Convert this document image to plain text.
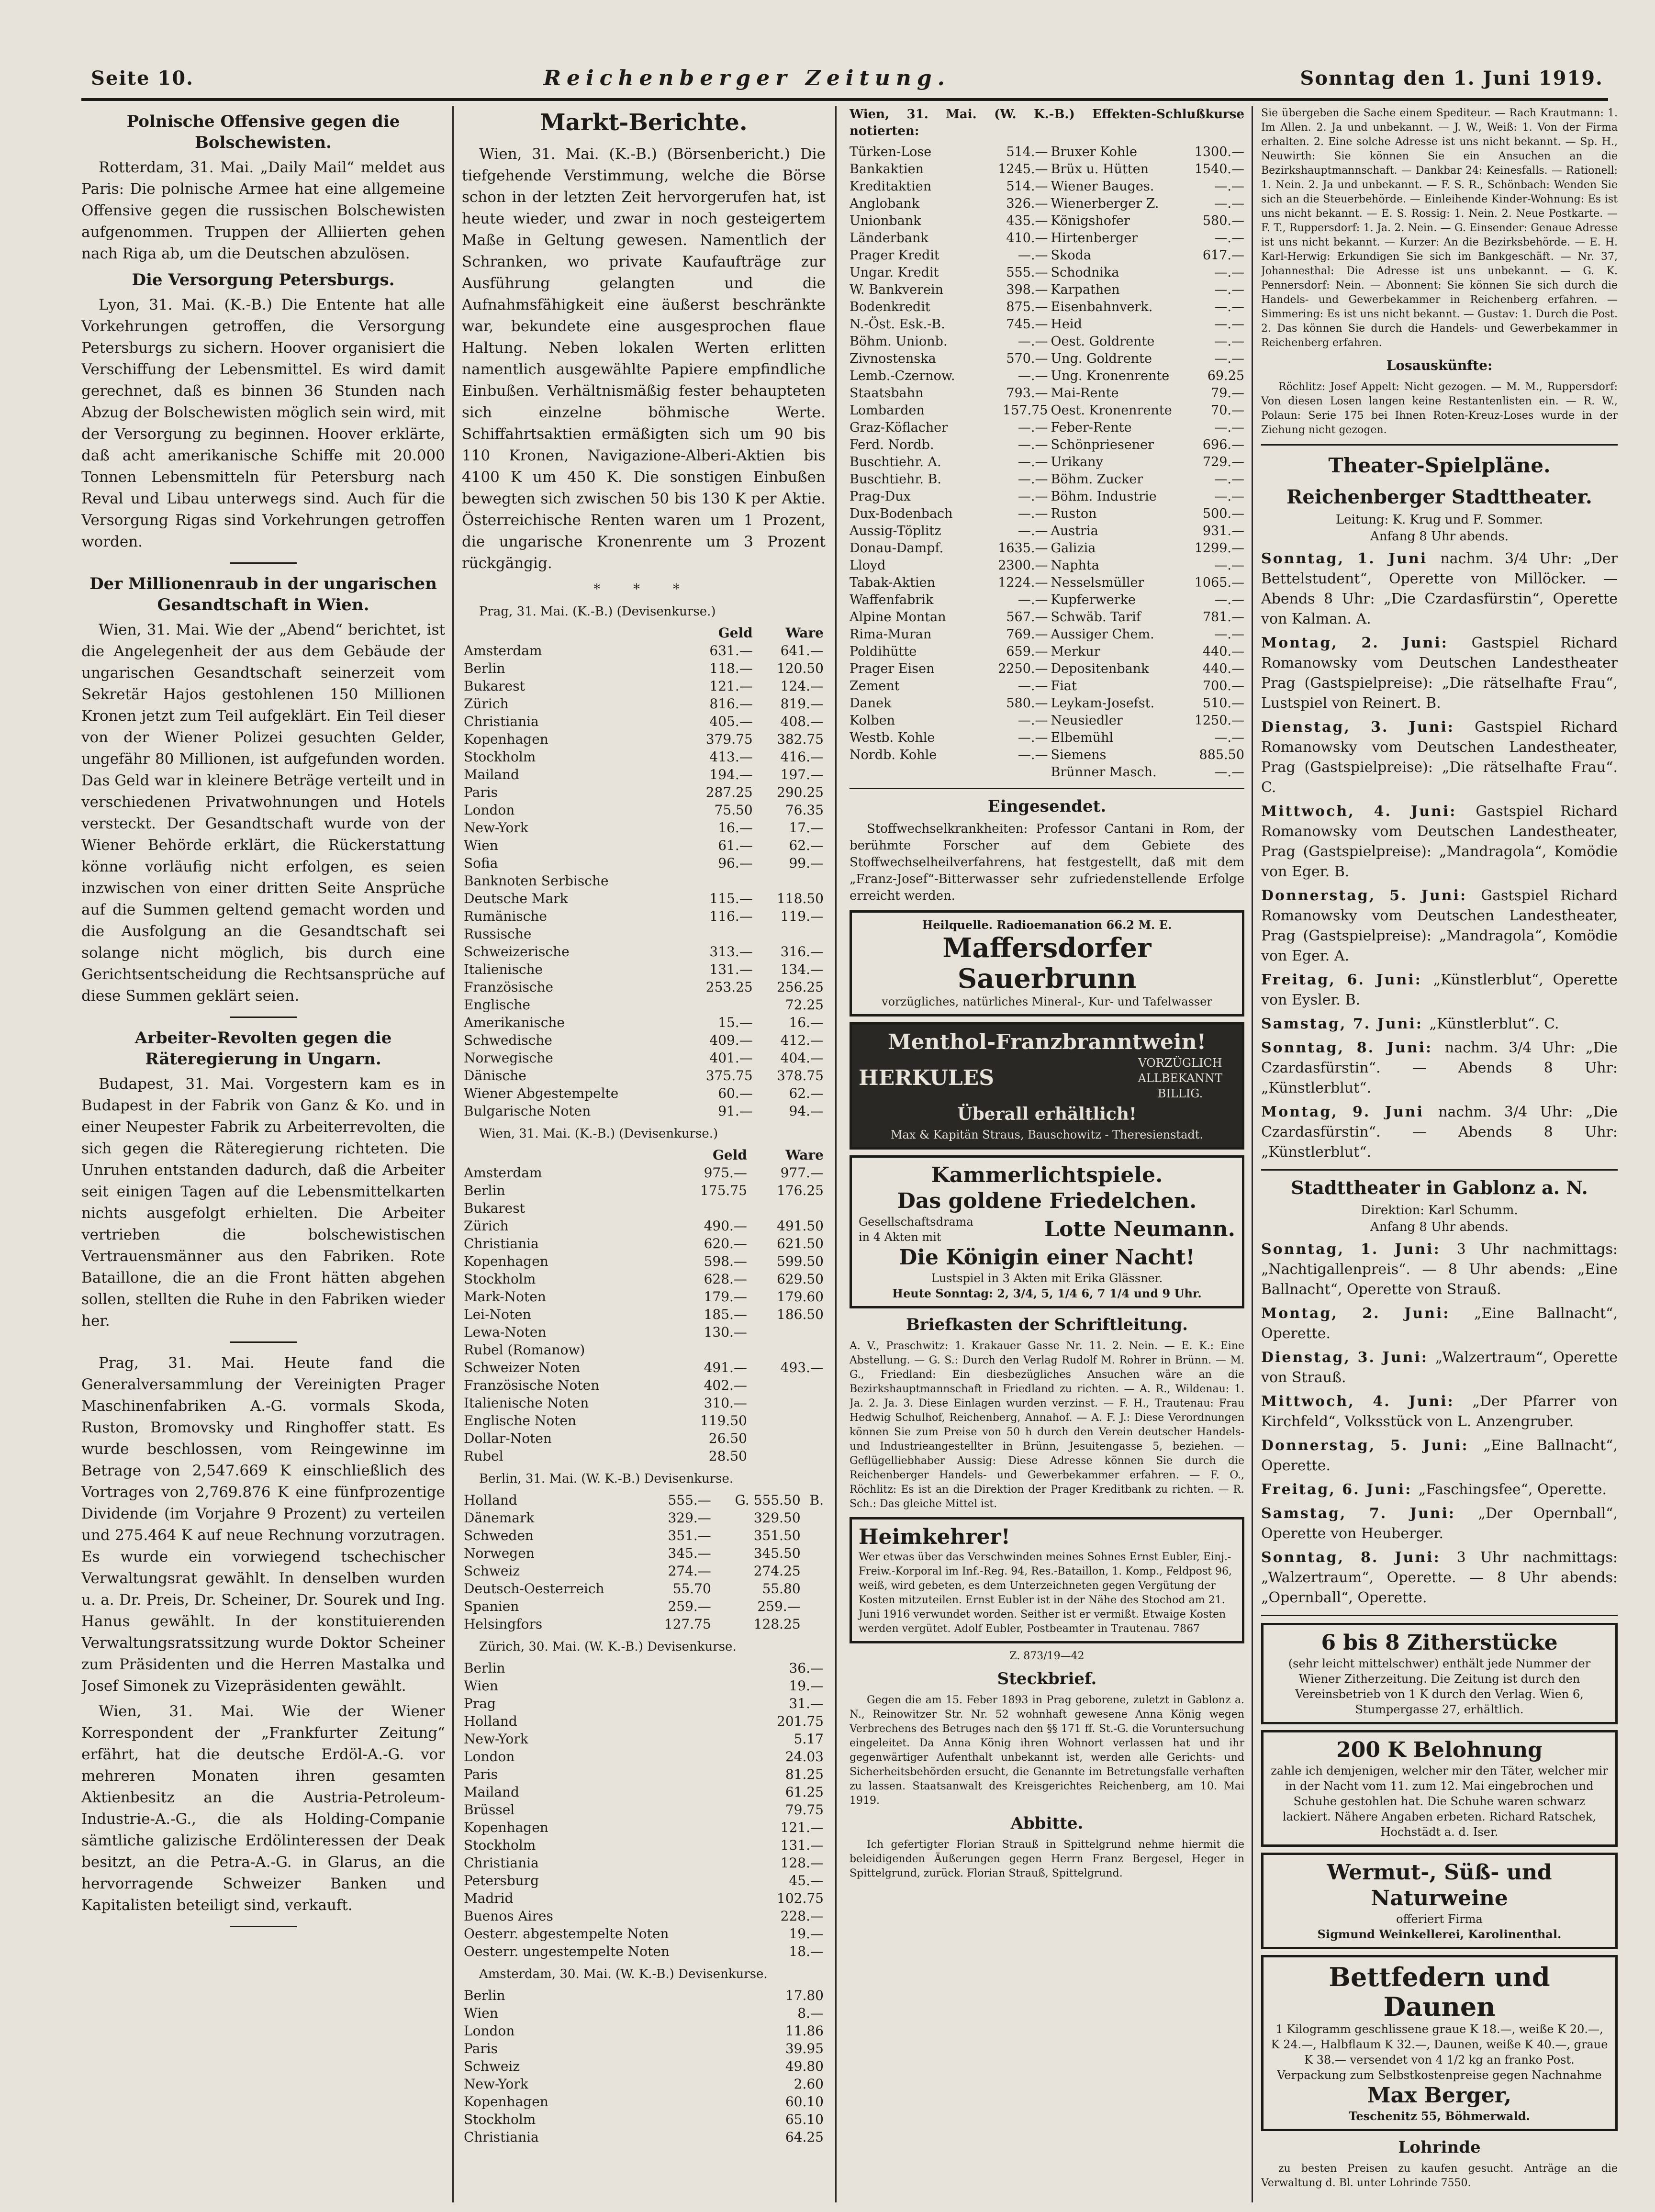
Seite 10.	Reichenberger Zeitung.	Sonntag den 1. Juni 1919.
Polnische Offensive gegen die Bolschewisten.

Rotterdam, 31. Mai. „Daily Mail“ meldet aus Paris: Die polnische Armee hat eine allgemeine Offensive gegen die russischen Bolschewisten aufgenommen. Truppen der Alliierten gehen nach Riga ab, um die Deutschen abzulösen.

Die Versorgung Petersburgs.

Lyon, 31. Mai. (K.-B.) Die Entente hat alle Vorkehrungen getroffen, die Versorgung Petersburgs zu sichern. Hoover organisiert die Verschiffung der Lebensmittel. Es wird damit gerechnet, daß es binnen 36 Stunden nach Abzug der Bolschewisten möglich sein wird, mit der Versorgung zu beginnen. Hoover erklärte, daß acht amerikanische Schiffe mit 20.000 Tonnen Lebensmitteln für Petersburg nach Reval und Libau unterwegs sind. Auch für die Versorgung Rigas sind Vorkehrungen getroffen worden.

Der Millionenraub in der ungarischen Gesandtschaft in Wien.

Wien, 31. Mai. Wie der „Abend“ berichtet, ist die Angelegenheit der aus dem Gebäude der ungarischen Gesandtschaft seinerzeit vom Sekretär Hajos gestohlenen 150 Millionen Kronen jetzt zum Teil aufgeklärt. Ein Teil dieser von der Wiener Polizei gesuchten Gelder, ungefähr 80 Millionen, ist aufgefunden worden. Das Geld war in kleinere Beträge verteilt und in verschiedenen Privatwohnungen und Hotels versteckt. Der Gesandtschaft wurde von der Wiener Behörde erklärt, die Rückerstattung könne vorläufig nicht erfolgen, es seien inzwischen von einer dritten Seite Ansprüche auf die Summen geltend gemacht worden und die Ausfolgung an die Gesandtschaft sei solange nicht möglich, bis durch eine Gerichtsentscheidung die Rechtsansprüche auf diese Summen geklärt seien.

Arbeiter-Revolten gegen die Räteregierung in Ungarn.

Budapest, 31. Mai. Vorgestern kam es in Budapest in der Fabrik von Ganz & Ko. und in einer Neupester Fabrik zu Arbeiterrevolten, die sich gegen die Räteregierung richteten. Die Unruhen entstanden dadurch, daß die Arbeiter seit einigen Tagen auf die Lebensmittelkarten nichts ausgefolgt erhielten. Die Arbeiter vertrieben die bolschewistischen Vertrauensmänner aus den Fabriken. Rote Bataillone, die an die Front hätten abgehen sollen, stellten die Ruhe in den Fabriken wieder her.

Prag, 31. Mai. Heute fand die Generalversammlung der Vereinigten Prager Maschinenfabriken A.-G. vormals Skoda, Ruston, Bromovsky und Ringhoffer statt. Es wurde beschlossen, vom Reingewinne im Betrage von 2,547.669 K einschließlich des Vortrages von 2,769.876 K eine fünfprozentige Dividende (im Vorjahre 9 Prozent) zu verteilen und 275.464 K auf neue Rechnung vorzutragen. Es wurde ein vorwiegend tschechischer Verwaltungsrat gewählt. In denselben wurden u. a. Dr. Preis, Dr. Scheiner, Dr. Sourek und Ing. Hanus gewählt. In der konstituierenden Verwaltungsratssitzung wurde Doktor Scheiner zum Präsidenten und die Herren Mastalka und Josef Simonek zu Vizepräsidenten gewählt.

Wien, 31. Mai. Wie der Wiener Korrespondent der „Frankfurter Zeitung“ erfährt, hat die deutsche Erdöl-A.-G. vor mehreren Monaten ihren gesamten Aktienbesitz an die Austria-Petroleum-Industrie-A.-G., die als Holding-Companie sämtliche galizische Erdölinteressen der Deak besitzt, an die Petra-A.-G. in Glarus, an die hervorragende Schweizer Banken und Kapitalisten beteiligt sind, verkauft.

Markt-Berichte.

Wien, 31. Mai. (K.-B.) (Börsenbericht.) Die tiefgehende Verstimmung, welche die Börse schon in der letzten Zeit hervorgerufen hat, ist heute wieder, und zwar in noch gesteigertem Maße in Geltung gewesen. Namentlich der Schranken, wo private Kaufaufträge zur Ausführung gelangten und die Aufnahmsfähigkeit eine äußerst beschränkte war, bekundete eine ausgesprochen flaue Haltung. Neben lokalen Werten erlitten namentlich ausgewählte Papiere empfindliche Einbußen. Verhältnismäßig fester behaupteten sich einzelne böhmische Werte. Schiffahrtsaktien ermäßigten sich um 90 bis 110 Kronen, Navigazione-Alberi-Aktien bis 4100 K um 450 K. Die sonstigen Einbußen bewegten sich zwischen 50 bis 130 K per Aktie. Österreichische Renten waren um 1 Prozent, die ungarische Kronenrente um 3 Prozent rückgängig.

* * *

Prag, 31. Mai. (K.-B.) (Devisenkurse.)

	Geld	Ware
Amsterdam	631.—	641.—
Berlin	118.—	120.50
Bukarest	121.—	124.—
Zürich	816.—	819.—
Christiania	405.—	408.—
Kopenhagen	379.75	382.75
Stockholm	413.—	416.—
Mailand	194.—	197.—
Paris	287.25	290.25
London	75.50	76.35
New-York	16.—	17.—
Wien	61.—	62.—
Sofia	96.—	99.—
Banknoten Serbische		
Deutsche Mark	115.—	118.50
Rumänische	116.—	119.—
Russische		
Schweizerische	313.—	316.—
Italienische	131.—	134.—
Französische	253.25	256.25
Englische		72.25
Amerikanische	15.—	16.—
Schwedische	409.—	412.—
Norwegische	401.—	404.—
Dänische	375.75	378.75
Wiener Abgestempelte	60.—	62.—
Bulgarische Noten	91.—	94.—

Wien, 31. Mai. (K.-B.) (Devisenkurse.)

	Geld	Ware
Amsterdam	975.—	977.—
Berlin	175.75	176.25
Bukarest		
Zürich	490.—	491.50
Christiania	620.—	621.50
Kopenhagen	598.—	599.50
Stockholm	628.—	629.50
Mark-Noten	179.—	179.60
Lei-Noten	185.—	186.50
Lewa-Noten	130.—	
Rubel (Romanow)		
Schweizer Noten	491.—	493.—
Französische Noten	402.—	
Italienische Noten	310.—	
Englische Noten	119.50	
Dollar-Noten	26.50	
Rubel	28.50	

Berlin, 31. Mai. (W. K.-B.) Devisenkurse.

Holland	555.—	G. 555.50	B.
Dänemark	329.—	329.50	
Schweden	351.—	351.50	
Norwegen	345.—	345.50	
Schweiz	274.—	274.25	
Deutsch-Oesterreich	55.70	55.80	
Spanien	259.—	259.—	
Helsingfors	127.75	128.25	

Zürich, 30. Mai. (W. K.-B.) Devisenkurse.

Berlin	36.—
Wien	19.—
Prag	31.—
Holland	201.75
New-York	5.17
London	24.03
Paris	81.25
Mailand	61.25
Brüssel	79.75
Kopenhagen	121.—
Stockholm	131.—
Christiania	128.—
Petersburg	45.—
Madrid	102.75
Buenos Aires	228.—
Oesterr. abgestempelte Noten	19.—
Oesterr. ungestempelte Noten	18.—

Amsterdam, 30. Mai. (W. K.-B.) Devisenkurse.

Berlin	17.80
Wien	8.—
London	11.86
Paris	39.95
Schweiz	49.80
New-York	2.60
Kopenhagen	60.10
Stockholm	65.10
Christiania	64.25

Wien, 31. Mai. (W. K.-B.) Effekten-Schlußkurse notierten:

Türken-Lose	514.— Bruxer Kohle	1300.—
Bankaktien	1245.— Brüx u. Hütten	1540.—
Kreditaktien	514.— Wiener Bauges.	—.—
Anglobank	326.— Wienerberger Z.	—.—
Unionbank	435.— Königshofer	580.—
Länderbank	410.— Hirtenberger	—.—
Prager Kredit	—.— Skoda	617.—
Ungar. Kredit	555.— Schodnika	—.—
W. Bankverein	398.— Karpathen	—.—
Bodenkredit	875.— Eisenbahnverk.	—.—
N.-Öst. Esk.-B.	745.— Heid	—.—
Böhm. Unionb.	—.— Oest. Goldrente	—.—
Zivnostenska	570.— Ung. Goldrente	—.—
Lemb.-Czernow.	—.— Ung. Kronenrente	69.25
Staatsbahn	793.— Mai-Rente	79.—
Lombarden	157.75 Oest. Kronenrente	70.—
Graz-Köflacher	—.— Feber-Rente	—.—
Ferd. Nordb.	—.— Schönpriesener	696.—
Buschtiehr. A.	—.— Urikany	729.—
Buschtiehr. B.	—.— Böhm. Zucker	—.—
Prag-Dux	—.— Böhm. Industrie	—.—
Dux-Bodenbach	—.— Ruston	500.—
Aussig-Töplitz	—.— Austria	931.—
Donau-Dampf.	1635.— Galizia	1299.—
Lloyd	2300.— Naphta	—.—
Tabak-Aktien	1224.— Nesselsmüller	1065.—
Waffenfabrik	—.— Kupferwerke	—.—
Alpine Montan	567.— Schwäb. Tarif	781.—
Rima-Muran	769.— Aussiger Chem.	—.—
Poldihütte	659.— Merkur	440.—
Prager Eisen	2250.— Depositenbank	440.—
Zement	—.— Fiat	700.—
Danek	580.— Leykam-Josefst.	510.—
Kolben	—.— Neusiedler	1250.—
Westb. Kohle	—.— Elbemühl	—.—
Nordb. Kohle	—.— Siemens	885.50
Brünner Masch.	—.—
Eingesendet.

Stoffwechselkrankheiten: Professor Cantani in Rom, der berühmte Forscher auf dem Gebiete des Stoffwechselheilverfahrens, hat festgestellt, daß mit dem „Franz-Josef“-Bitterwasser sehr zufriedenstellende Erfolge erreicht werden.

Heilquelle. Radioemanation 66.2 M. E.
Maffersdorfer Sauerbrunn
vorzügliches, natürliches Mineral-, Kur- und Tafelwasser
Menthol-Franzbranntwein!
HERKULES
VORZÜGLICH ALLBEKANNT BILLIG.
Überall erhältlich!
Max & Kapitän Straus, Bauschowitz - Theresienstadt.
Kammerlichtspiele.
Das goldene Friedelchen.
Gesellschaftsdrama in 4 Akten mit	Lotte Neumann.
Die Königin einer Nacht!
Lustspiel in 3 Akten mit Erika Glässner.
Heute Sonntag: 2, 3/4, 5, 1/4 6, 7 1/4 und 9 Uhr.
Briefkasten der Schriftleitung.

A. V., Praschwitz: 1. Krakauer Gasse Nr. 11. 2. Nein. — E. K.: Eine Abstellung. — G. S.: Durch den Verlag Rudolf M. Rohrer in Brünn. — M. G., Friedland: Ein diesbezügliches Ansuchen wäre an die Bezirkshauptmannschaft in Friedland zu richten. — A. R., Wildenau: 1. Ja. 2. Ja. 3. Diese Einlagen wurden verzinst. — F. H., Trautenau: Frau Hedwig Schulhof, Reichenberg, Annahof. — A. F. J.: Diese Verordnungen können Sie zum Preise von 50 h durch den Verein deutscher Handels- und Industrieangestellter in Brünn, Jesuitengasse 5, beziehen. — Geflügelliebhaber Aussig: Diese Adresse können Sie durch die Reichenberger Handels- und Gewerbekammer erfahren. — F. O., Röchlitz: Es ist an die Direktion der Prager Kreditbank zu richten. — R. Sch.: Das gleiche Mittel ist.

Heimkehrer!
Wer etwas über das Verschwinden meines Sohnes Ernst Eubler, Einj.-Freiw.-Korporal im Inf.-Reg. 94, Res.-Bataillon, 1. Komp., Feldpost 96, weiß, wird gebeten, es dem Unterzeichneten gegen Vergütung der Kosten mitzuteilen. Ernst Eubler ist in der Nähe des Stochod am 21. Juni 1916 verwundet worden. Seither ist er vermißt. Etwaige Kosten werden vergütet. Adolf Eubler, Postbeamter in Trautenau. 7867
Z. 873/19—42
Steckbrief.

Gegen die am 15. Feber 1893 in Prag geborene, zuletzt in Gablonz a. N., Reinowitzer Str. Nr. 52 wohnhaft gewesene Anna König wegen Verbrechens des Betruges nach den §§ 171 ff. St.-G. die Voruntersuchung eingeleitet. Da Anna König ihren Wohnort verlassen hat und ihr gegenwärtiger Aufenthalt unbekannt ist, werden alle Gerichts- und Sicherheitsbehörden ersucht, die Genannte im Betretungsfalle verhaften zu lassen. Staatsanwalt des Kreisgerichtes Reichenberg, am 10. Mai 1919.

Abbitte.

Ich gefertigter Florian Strauß in Spittelgrund nehme hiermit die beleidigenden Äußerungen gegen Herrn Franz Bergesel, Heger in Spittelgrund, zurück. Florian Strauß, Spittelgrund.

Sie übergeben die Sache einem Spediteur. — Rach Krautmann: 1. Im Allen. 2. Ja und unbekannt. — J. W., Weiß: 1. Von der Firma erhalten. 2. Eine solche Adresse ist uns nicht bekannt. — Sp. H., Neuwirth: Sie können Sie ein Ansuchen an die Bezirkshauptmannschaft. — Dankbar 24: Keinesfalls. — Rationell: 1. Nein. 2. Ja und unbekannt. — F. S. R., Schönbach: Wenden Sie sich an die Steuerbehörde. — Einleihende Kinder-Wohnung: Es ist uns nicht bekannt. — E. S. Rossig: 1. Nein. 2. Neue Postkarte. — F. T., Ruppersdorf: 1. Ja. 2. Nein. — G. Einsender: Genaue Adresse ist uns nicht bekannt. — Kurzer: An die Bezirksbehörde. — E. H. Karl-Herwig: Erkundigen Sie sich im Bankgeschäft. — Nr. 37, Johannesthal: Die Adresse ist uns unbekannt. — G. K. Pennersdorf: Nein. — Abonnent: Sie können Sie sich durch die Handels- und Gewerbekammer in Reichenberg erfahren. — Simmering: Es ist uns nicht bekannt. — Gustav: 1. Durch die Post. 2. Das können Sie durch die Handels- und Gewerbekammer in Reichenberg erfahren.

Losauskünfte:

Röchlitz: Josef Appelt: Nicht gezogen. — M. M., Ruppersdorf: Von diesen Losen langen keine Restantenlisten ein. — R. W., Polaun: Serie 175 bei Ihnen Roten-Kreuz-Loses wurde in der Ziehung nicht gezogen.

Theater-Spielpläne.
Reichenberger Stadttheater.
Leitung: K. Krug und F. Sommer.
Anfang 8 Uhr abends.

Sonntag, 1. Juni nachm. 3/4 Uhr: „Der Bettelstudent“, Operette von Millöcker. — Abends 8 Uhr: „Die Czardasfürstin“, Operette von Kalman. A.

Montag, 2. Juni: Gastspiel Richard Romanowsky vom Deutschen Landestheater Prag (Gastspielpreise): „Die rätselhafte Frau“, Lustspiel von Reinert. B.

Dienstag, 3. Juni: Gastspiel Richard Romanowsky vom Deutschen Landestheater, Prag (Gastspielpreise): „Die rätselhafte Frau“. C.

Mittwoch, 4. Juni: Gastspiel Richard Romanowsky vom Deutschen Landestheater, Prag (Gastspielpreise): „Mandragola“, Komödie von Eger. B.

Donnerstag, 5. Juni: Gastspiel Richard Romanowsky vom Deutschen Landestheater, Prag (Gastspielpreise): „Mandragola“, Komödie von Eger. A.

Freitag, 6. Juni: „Künstlerblut“, Operette von Eysler. B.

Samstag, 7. Juni: „Künstlerblut“. C.

Sonntag, 8. Juni: nachm. 3/4 Uhr: „Die Czardasfürstin“. — Abends 8 Uhr: „Künstlerblut“.

Montag, 9. Juni nachm. 3/4 Uhr: „Die Czardasfürstin“. — Abends 8 Uhr: „Künstlerblut“.

Stadttheater in Gablonz a. N.
Direktion: Karl Schumm.
Anfang 8 Uhr abends.

Sonntag, 1. Juni: 3 Uhr nachmittags: „Nachtigallenpreis“. — 8 Uhr abends: „Eine Ballnacht“, Operette von Strauß.

Montag, 2. Juni: „Eine Ballnacht“, Operette.

Dienstag, 3. Juni: „Walzertraum“, Operette von Strauß.

Mittwoch, 4. Juni: „Der Pfarrer von Kirchfeld“, Volksstück von L. Anzengruber.

Donnerstag, 5. Juni: „Eine Ballnacht“, Operette.

Freitag, 6. Juni: „Faschingsfee“, Operette.

Samstag, 7. Juni: „Der Opernball“, Operette von Heuberger.

Sonntag, 8. Juni: 3 Uhr nachmittags: „Walzertraum“, Operette. — 8 Uhr abends: „Opernball“, Operette.

6 bis 8 Zitherstücke
(sehr leicht mittelschwer) enthält jede Nummer der Wiener Zitherzeitung. Die Zeitung ist durch den Vereinsbetrieb von 1 K durch den Verlag. Wien 6, Stumpergasse 27, erhältlich.
200 K Belohnung
zahle ich demjenigen, welcher mir den Täter, welcher mir in der Nacht vom 11. zum 12. Mai eingebrochen und Schuhe gestohlen hat. Die Schuhe waren schwarz lackiert. Nähere Angaben erbeten. Richard Ratschek, Hochstädt a. d. Iser.
Wermut-, Süß- und Naturweine
offeriert Firma
Sigmund Weinkellerei, Karolinenthal.
Bettfedern und Daunen
1 Kilogramm geschlissene graue K 18.—, weiße K 20.—, K 24.—, Halbflaum K 32.—, Daunen, weiße K 40.—, graue K 38.— versendet von 4 1/2 kg an franko Post. Verpackung zum Selbstkostenpreise gegen Nachnahme
Max Berger,
Teschenitz 55, Böhmerwald.
Lohrinde

zu besten Preisen zu kaufen gesucht. Anträge an die Verwaltung d. Bl. unter Lohrinde 7550.
